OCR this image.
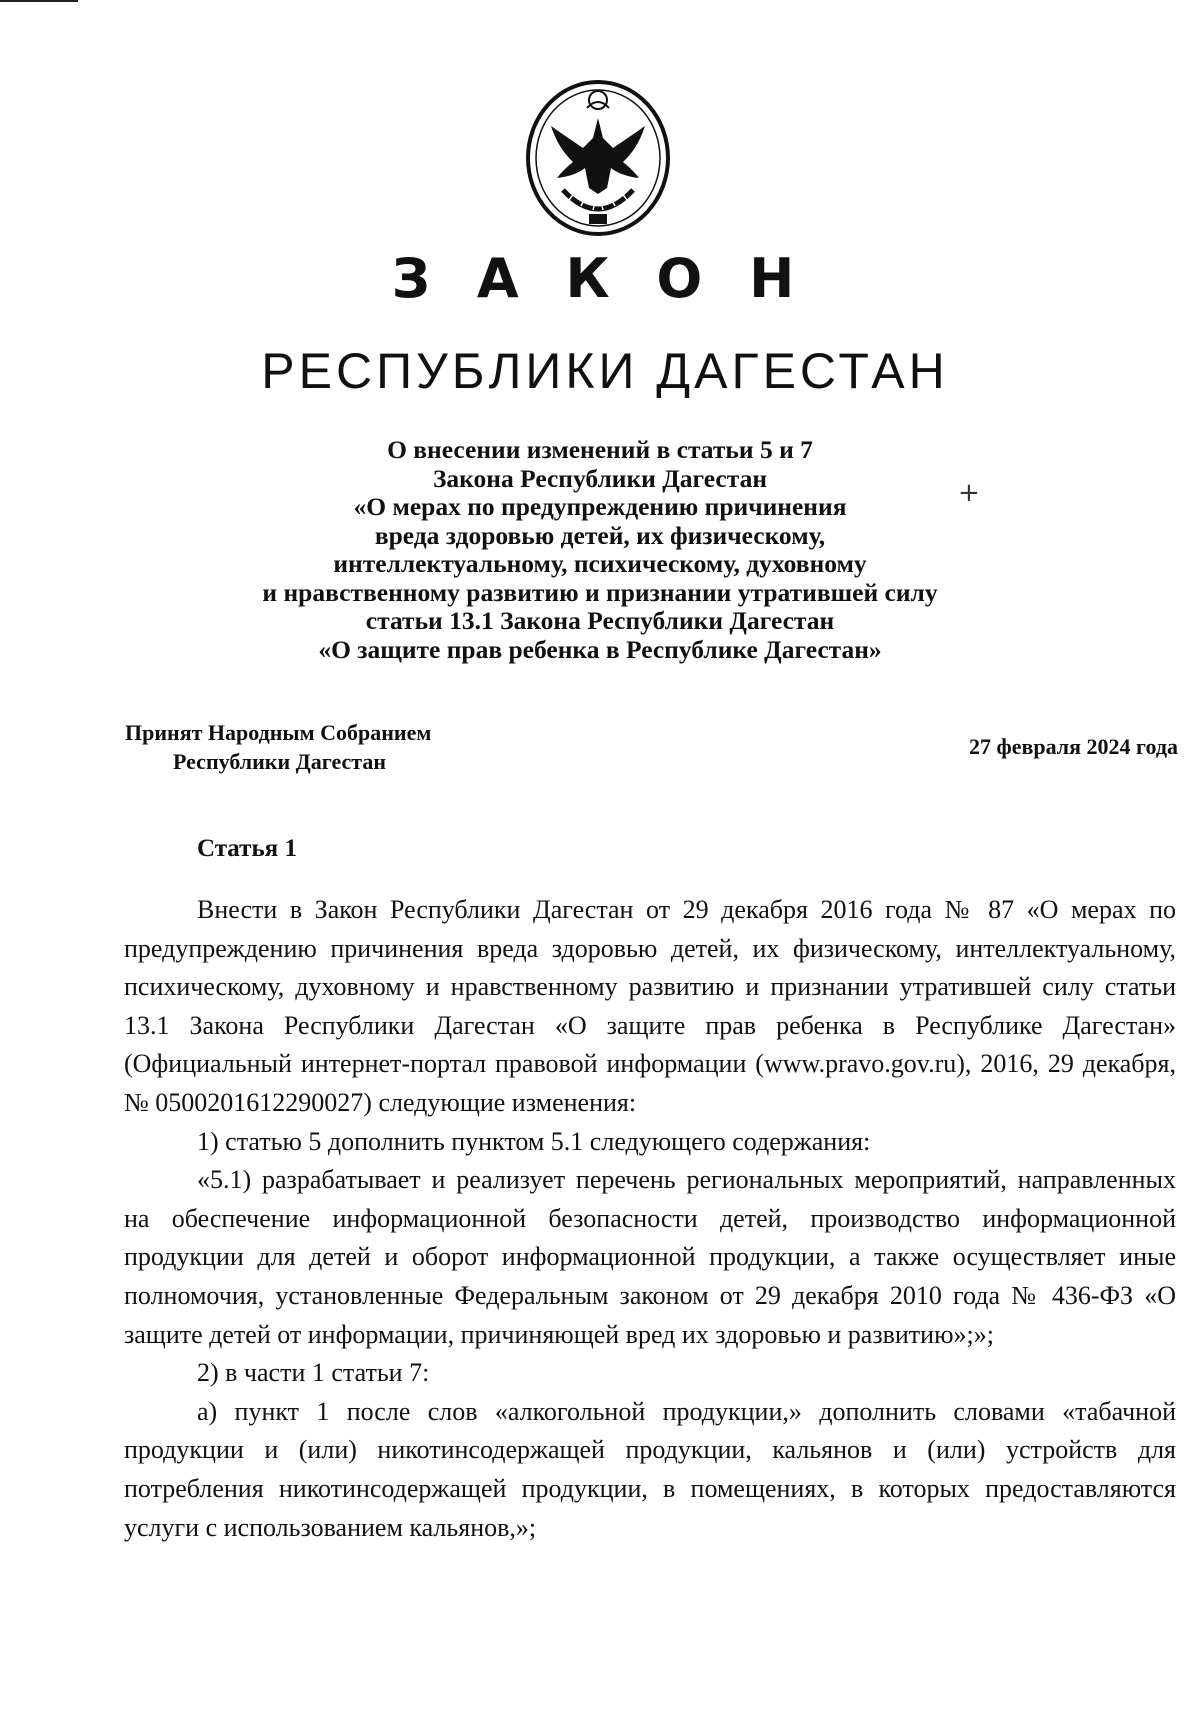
З А К О Н
РЕСПУБЛИКИ ДАГЕСТАН
О внесении изменений в статьи 5 и 7
Закона Республики Дагестан
«О мерах по предупреждению причинения
вреда здоровью детей, их физическому,
интеллектуальному, психическому, духовному
и нравственному развитию и признании утратившей силу
статьи 13.1 Закона Республики Дагестан
«О защите прав ребенка в Республике Дагестан»
+
Принят Народным Собранием
Республики Дагестан
27 февраля 2024 года
Статья 1

Внести в Закон Республики Дагестан от 29 декабря 2016 года № 87 «О мерах по предупреждению причинения вреда здоровью детей, их физическому, интеллектуальному, психическому, духовному и нравственному развитию и признании утратившей силу статьи 13.1 Закона Республики Дагестан «О защите прав ребенка в Республике Дагестан» (Официальный интернет-портал правовой информации (www.pravo.gov.ru), 2016, 29 декабря, № 0500201612290027) следующие изменения:

1) статью 5 дополнить пунктом 5.1 следующего содержания:

«5.1) разрабатывает и реализует перечень региональных мероприятий, направленных на обеспечение информационной безопасности детей, производство информационной продукции для детей и оборот информационной продукции, а также осуществляет иные полномочия, установленные Федеральным законом от 29 декабря 2010 года № 436-ФЗ «О защите детей от информации, причиняющей вред их здоровью и развитию»;»;

2) в части 1 статьи 7:

а) пункт 1 после слов «алкогольной продукции,» дополнить словами «табачной продукции и (или) никотинсодержащей продукции, кальянов и (или) устройств для потребления никотинсодержащей продукции, в помещениях, в которых предоставляются услуги с использованием кальянов,»;
